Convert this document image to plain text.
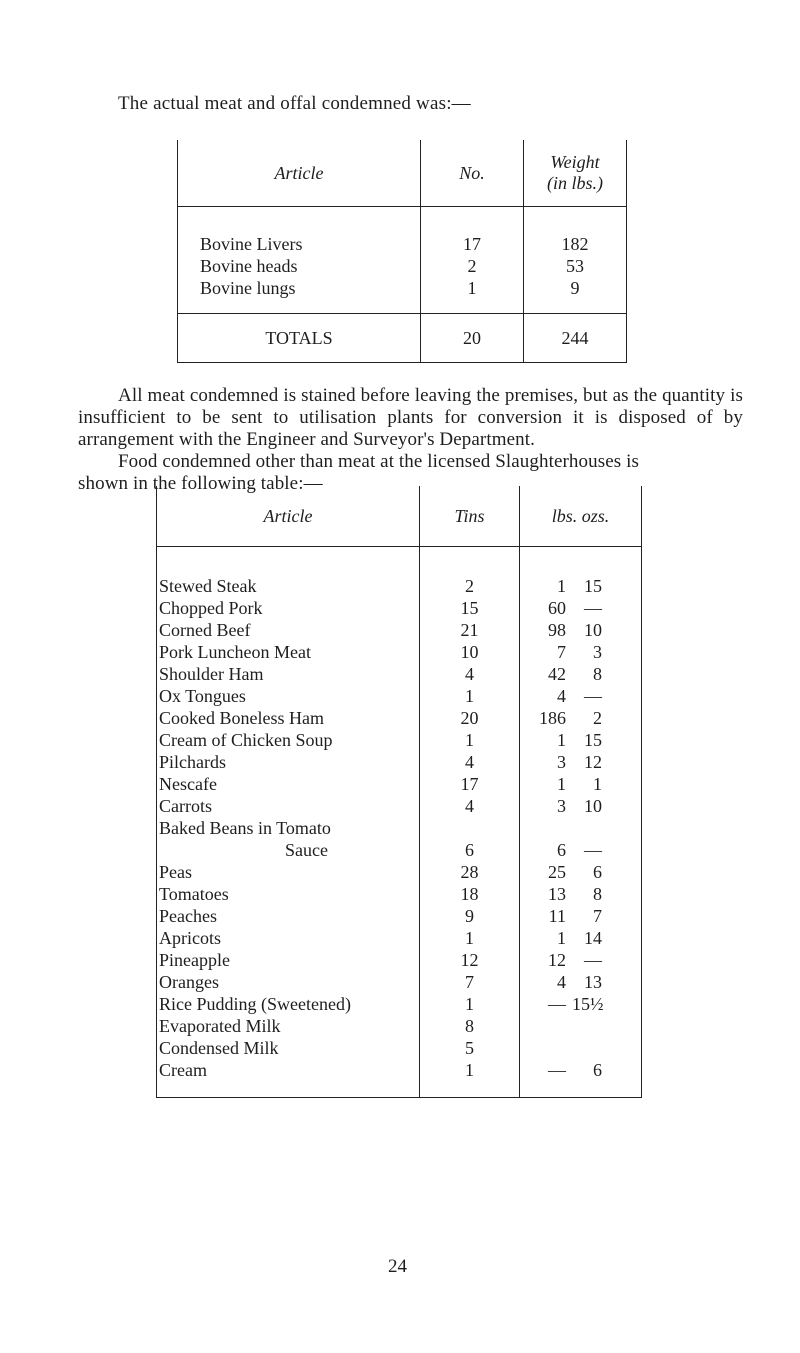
The actual meat and offal condemned was:—
Article	No.	Weight
(in lbs.)
Bovine Livers	17	182
Bovine heads	2	53
Bovine lungs	1	9
TOTALS	20	244
All meat condemned is stained before leaving the premises, but as the quantity is insufficient to be sent to utilisation plants for conversion it is disposed of by arrangement with the Engineer and Surveyor's Department.
Food condemned other than meat at the licensed Slaughterhouses is
shown in the following table:—
Article	Tins	lbs. ozs.
Stewed Steak	2	1 15
Chopped Pork	15	60 —
Corned Beef	21	98 10
Pork Luncheon Meat	10	7 3
Shoulder Ham	4	42 8
Ox Tongues	1	4 —
Cooked Boneless Ham	20	186 2
Cream of Chicken Soup	1	1 15
Pilchards	4	3 12
Nescafe	17	1 1
Carrots	4	3 10
Baked Beans in Tomato		
Sauce	6	6 —
Peas	28	25 6
Tomatoes	18	13 8
Peaches	9	11 7
Apricots	1	1 14
Pineapple	12	12 —
Oranges	7	4 13
Rice Pudding (Sweetened)	1	— 15½
Evaporated Milk	8	
Condensed Milk	5	
Cream	1	— 6
24
